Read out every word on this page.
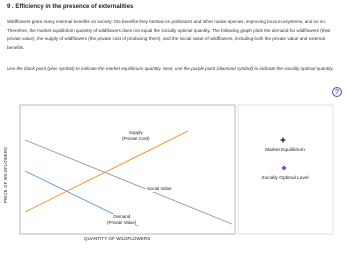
9 . Efficiency in the presence of externalities
Wildflowers grant many external benefits on society: the benefits they bestow on pollinators and other native species, improving local ecosystems, and so on. Therefore, the market equilibrium quantity of wildflowers does not equal the socially optimal quantity. The following graph plots the demand for wildflowers (their private value), the supply of wildflowers (the private cost of producing them), and the social value of wildflowers, including both the private value and external benefits.
Use the black point (plus symbol) to indicate the market equilibrium quantity. Next, use the purple point (diamond symbol) to indicate the socially optimal quantity.
?
PRICE OF WILDFLOWERS
QUANTITY OF WILDFLOWERS
Supply
(Private Cost)
Social Value
Demand
(Private Value)
Market Equilibrium
Socially Optimal Level
